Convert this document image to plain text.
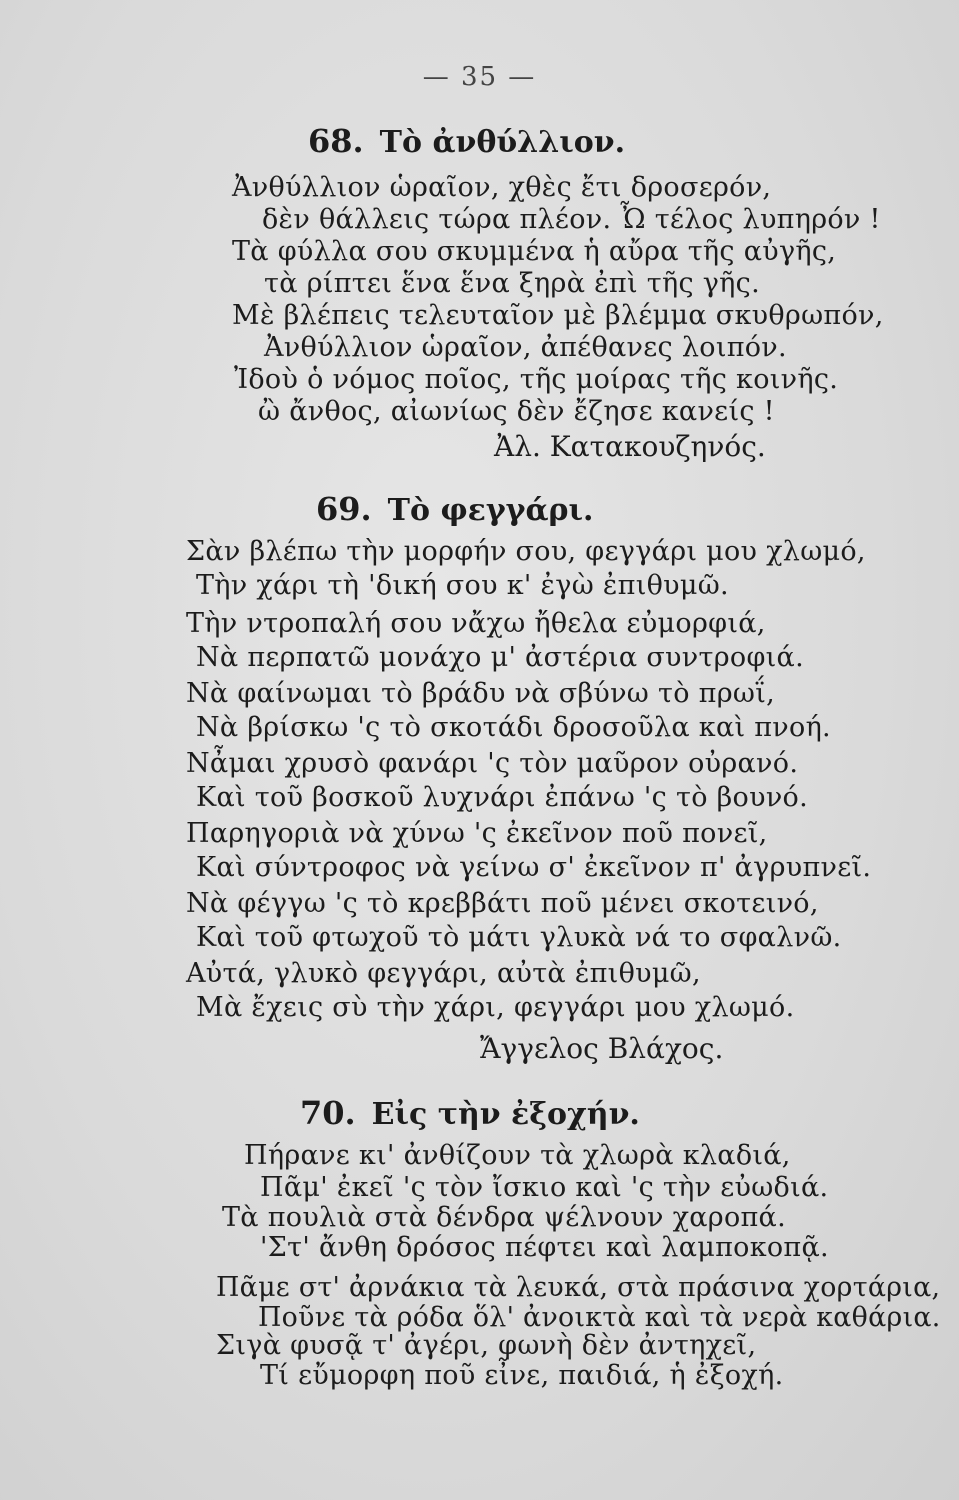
— 35 —
68. Τὸ ἀνθύλλιον.
Ἀνθύλλιον ὡραῖον, χθὲς ἔτι δροσερόν,
δὲν θάλλεις τώρα πλέον. Ὦ τέλος λυπηρόν !
Τὰ φύλλα σου σκυμμένα ἡ αὔρα τῆς αὐγῆς,
τὰ ρίπτει ἕνα ἕνα ξηρὰ ἐπὶ τῆς γῆς.
Μὲ βλέπεις τελευταῖον μὲ βλέμμα σκυθρωπόν,
Ἀνθύλλιον ὡραῖον, ἀπέθανες λοιπόν.
Ἰδοὺ ὁ νόμος ποῖος, τῆς μοίρας τῆς κοινῆς.
ὢ ἄνθος, αἰωνίως δὲν ἔζησε κανείς !
Ἀλ. Κατακουζηνός.
69. Τὸ φεγγάρι.
Σὰν βλέπω τὴν μορφήν σου, φεγγάρι μου χλωμό,
Τὴν χάρι τὴ 'δική σου κ' ἐγὼ ἐπιθυμῶ.
Τὴν ντροπαλή σου νἄχω ἤθελα εὐμορφιά,
Νὰ περπατῶ μονάχο μ' ἀστέρια συντροφιά.
Νὰ φαίνωμαι τὸ βράδυ νὰ σβύνω τὸ πρωΐ,
Νὰ βρίσκω 'ς τὸ σκοτάδι δροσοῦλα καὶ πνοή.
Νἆμαι χρυσὸ φανάρι 'ς τὸν μαῦρον οὐρανό.
Καὶ τοῦ βοσκοῦ λυχνάρι ἐπάνω 'ς τὸ βουνό.
Παρηγοριὰ νὰ χύνω 'ς ἐκεῖνον ποῦ πονεῖ,
Καὶ σύντροφος νὰ γείνω σ' ἐκεῖνον π' ἀγρυπνεῖ.
Νὰ φέγγω 'ς τὸ κρεββάτι ποῦ μένει σκοτεινό,
Καὶ τοῦ φτωχοῦ τὸ μάτι γλυκὰ νά το σφαλνῶ.
Αὐτά, γλυκὸ φεγγάρι, αὐτὰ ἐπιθυμῶ,
Μὰ ἔχεις σὺ τὴν χάρι, φεγγάρι μου χλωμό.
Ἄγγελος Βλάχος.
70. Εἰς τὴν ἐξοχήν.
Πήρανε κι' ἀνθίζουν τὰ χλωρὰ κλαδιά,
Πᾶμ' ἐκεῖ 'ς τὸν ἴσκιο καὶ 'ς τὴν εὐωδιά.
Τὰ πουλιὰ στὰ δένδρα ψέλνουν χαροπά.
'Στ' ἄνθη δρόσος πέφτει καὶ λαμποκοπᾷ.
Πᾶμε στ' ἀρνάκια τὰ λευκά, στὰ πράσινα χορτάρια,
Ποῦνε τὰ ρόδα ὅλ' ἀνοικτὰ καὶ τὰ νερὰ καθάρια.
Σιγὰ φυσᾷ τ' ἀγέρι, φωνὴ δὲν ἀντηχεῖ,
Τί εὔμορφη ποῦ εἶνε, παιδιά, ἡ ἐξοχή.
